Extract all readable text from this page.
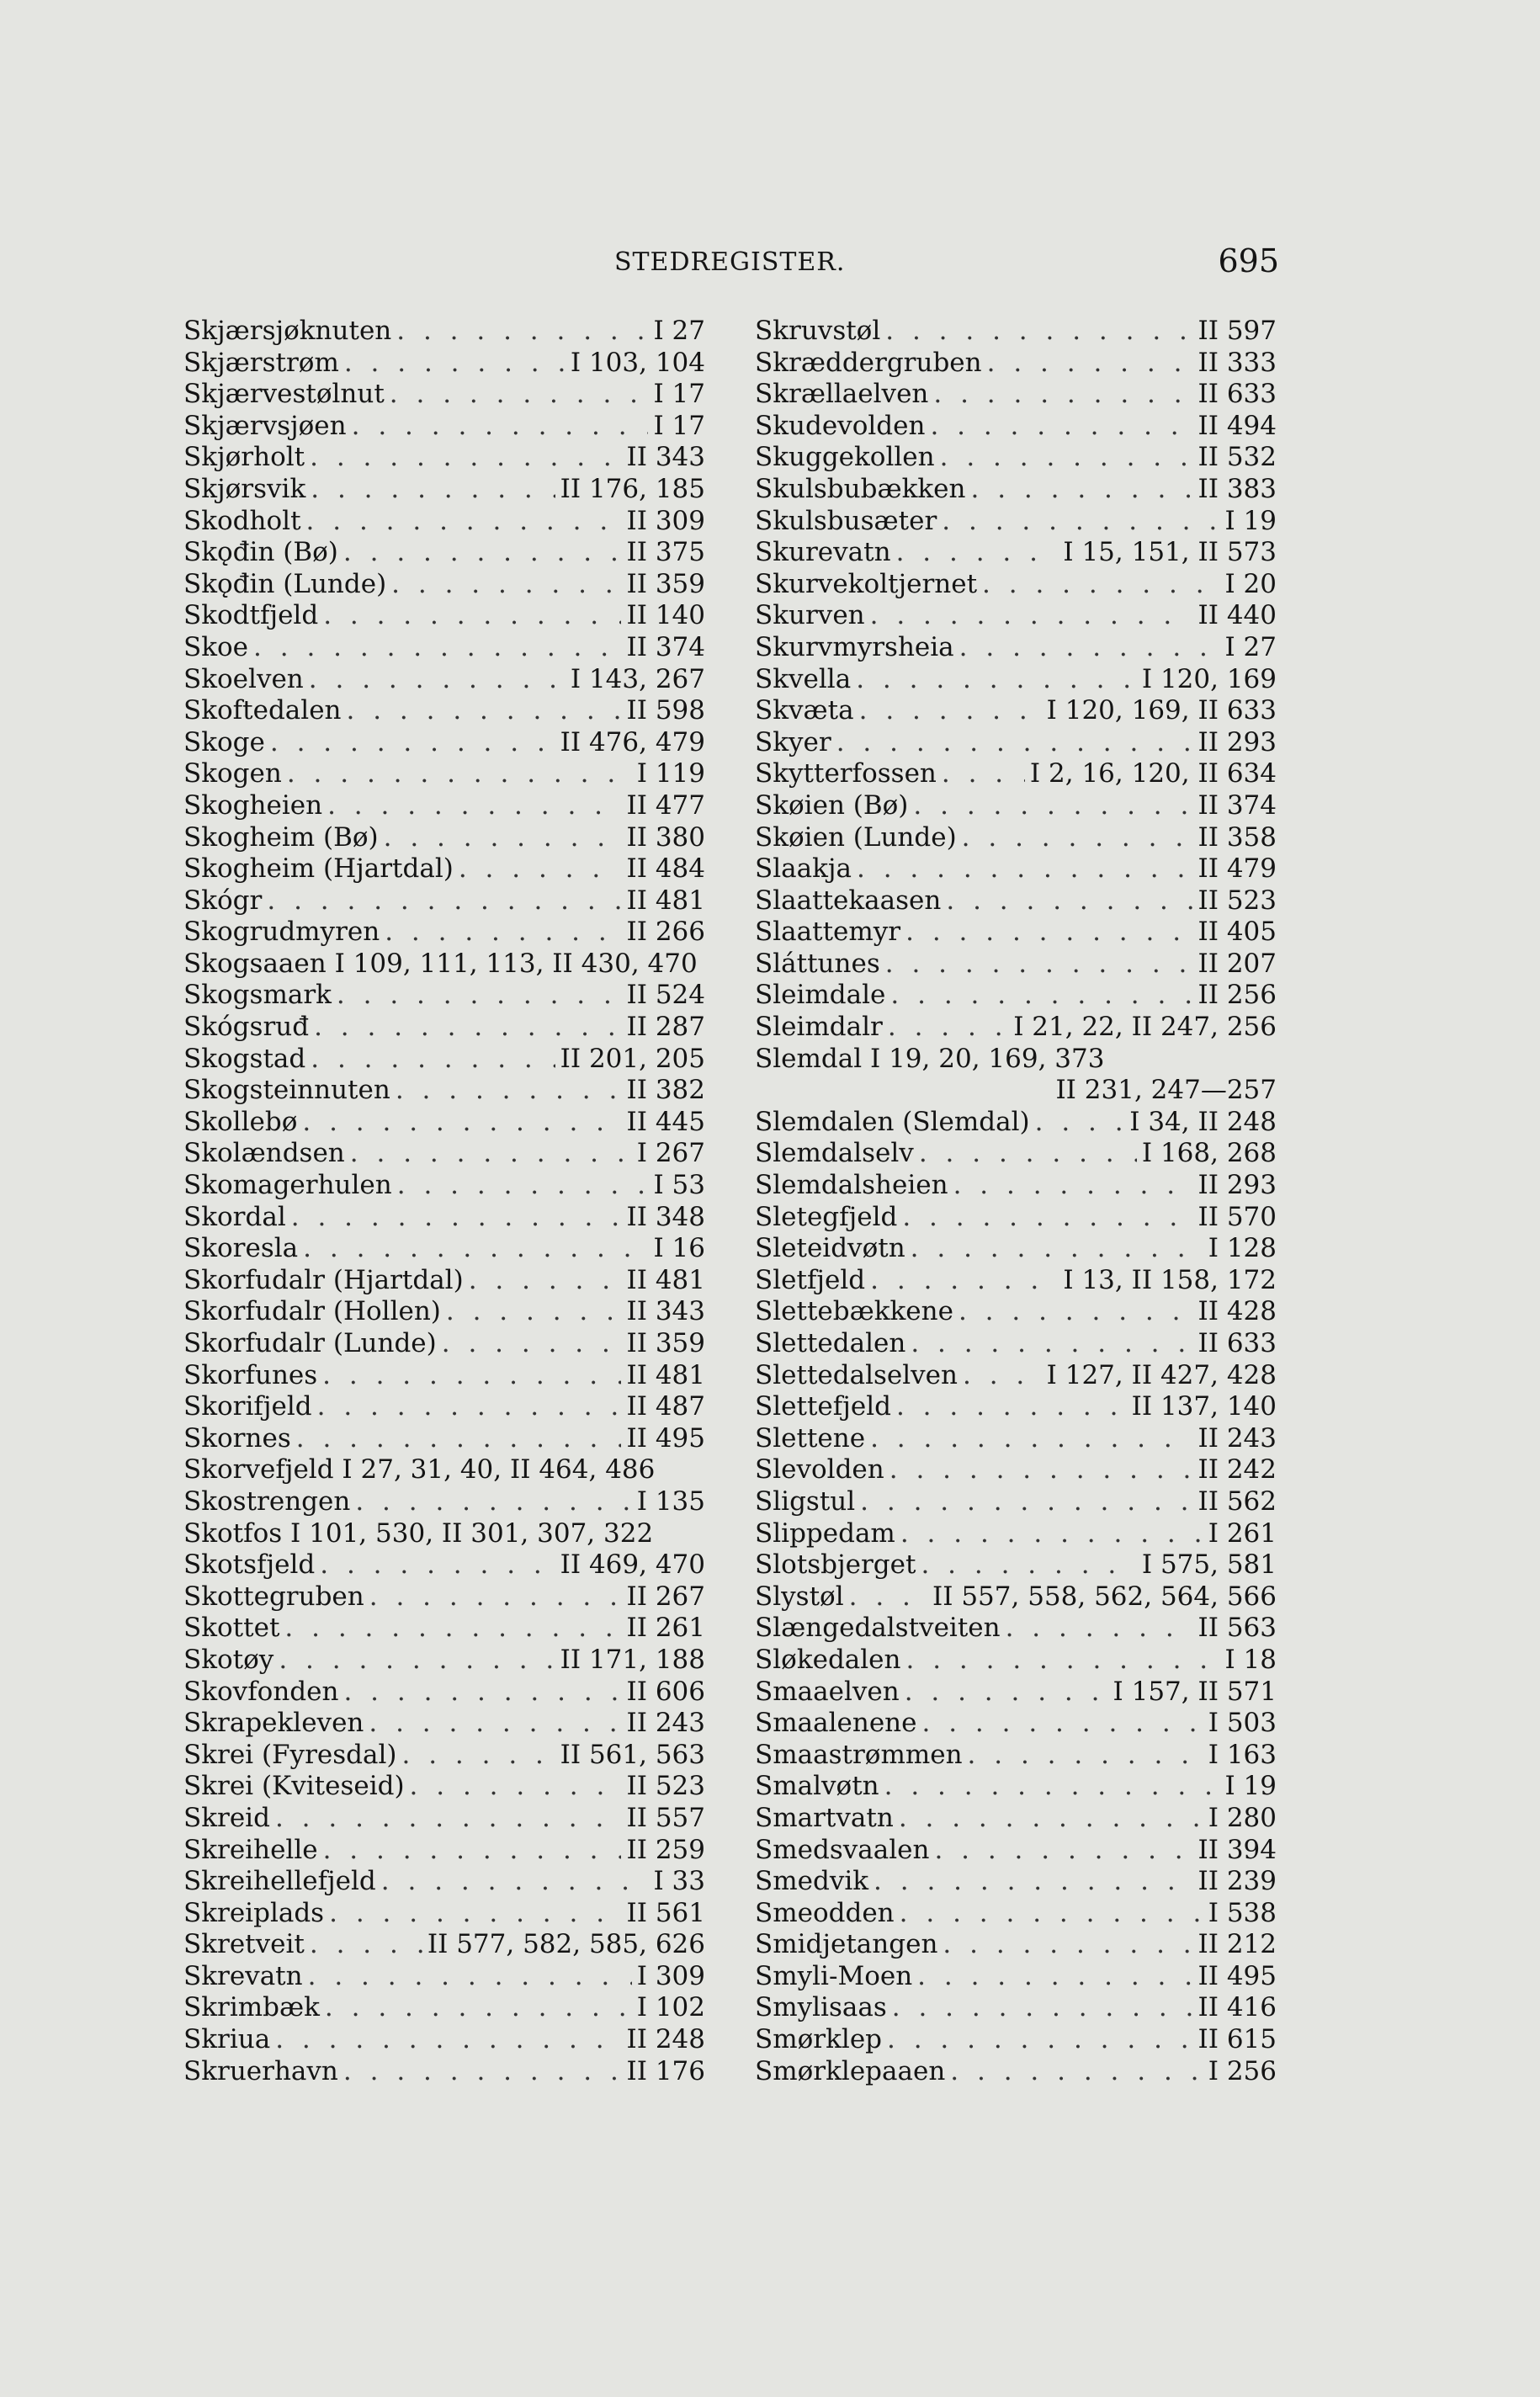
STEDREGISTER.	695
Skjærsjøknuten . . .	I 27
Skjærstrøm . . .	I 103, 104
Skjærvestølnut . . .	I 17
Skjærvsjøen . . .	I 17
Skjørholt . . .	II 343
Skjørsvik . . .	II 176, 185
Skodholt . . .	II 309
Skǫđin (Bø) . . .	II 375
Skǫđin (Lunde) . . .	II 359
Skodtfjeld . . .	II 140
Skoe . . .	II 374
Skoelven . . .	I 143, 267
Skoftedalen . . .	II 598
Skoge . . .	II 476, 479
Skogen . . .	I 119
Skogheien . . .	II 477
Skogheim (Bø) . . .	II 380
Skogheim (Hjartdal) . . .	II 484
Skógr . . .	II 481
Skogrudmyren . . .	II 266
Skogsaaen I 109, 111, 113, II 430, 470
Skogsmark . . .	II 524
Skógsruđ . . .	II 287
Skogstad . . .	II 201, 205
Skogsteinnuten . . .	II 382
Skollebø . . .	II 445
Skolændsen . . .	I 267
Skomagerhulen . . .	I 53
Skordal . . .	II 348
Skoresla . . .	I 16
Skorfudalr (Hjartdal) . . .	II 481
Skorfudalr (Hollen) . . .	II 343
Skorfudalr (Lunde) . . .	II 359
Skorfunes . . .	II 481
Skorifjeld . . .	II 487
Skornes . . .	II 495
Skorvefjeld I 27, 31, 40, II 464, 486
Skostrengen . . .	I 135
Skotfos I 101, 530, II 301, 307, 322
Skotsfjeld . . .	II 469, 470
Skottegruben . . .	II 267
Skottet . . .	II 261
Skotøy . . .	II 171, 188
Skovfonden . . .	II 606
Skrapekleven . . .	II 243
Skrei (Fyresdal) . . .	II 561, 563
Skrei (Kviteseid) . . .	II 523
Skreid . . .	II 557
Skreihelle . . .	II 259
Skreihellefjeld . . .	I 33
Skreiplads . . .	II 561
Skretveit . . .	II 577, 582, 585, 626
Skrevatn . . .	I 309
Skrimbæk . . .	I 102
Skriua . . .	II 248
Skruerhavn . . .	II 176
Skruvstøl . . .	II 597
Skræddergruben . . .	II 333
Skrællaelven . . .	II 633
Skudevolden . . .	II 494
Skuggekollen . . .	II 532
Skulsbubækken . . .	II 383
Skulsbusæter . . .	I 19
Skurevatn . . .	I 15, 151, II 573
Skurvekoltjernet . . .	I 20
Skurven . . .	II 440
Skurvmyrsheia . . .	I 27
Skvella . . .	I 120, 169
Skvæta . . .	I 120, 169, II 633
Skyer . . .	II 293
Skytterfossen . . .	I 2, 16, 120, II 634
Skøien (Bø) . . .	II 374
Skøien (Lunde) . . .	II 358
Slaakja . . .	II 479
Slaattekaasen . . .	II 523
Slaattemyr . . .	II 405
Sláttunes . . .	II 207
Sleimdale . . .	II 256
Sleimdalr . . .	I 21, 22, II 247, 256
Slemdal I 19, 20, 169, 373
II 231, 247—257
Slemdalen (Slemdal) . . .	I 34, II 248
Slemdalselv . . .	I 168, 268
Slemdalsheien . . .	II 293
Sletegfjeld . . .	II 570
Sleteidvøtn . . .	I 128
Sletfjeld . . .	I 13, II 158, 172
Slettebækkene . . .	II 428
Slettedalen . . .	II 633
Slettedalselven . . .	I 127, II 427, 428
Slettefjeld . . .	II 137, 140
Slettene . . .	II 243
Slevolden . . .	II 242
Sligstul . . .	II 562
Slippedam . . .	I 261
Slotsbjerget . . .	I 575, 581
Slystøl . . .	II 557, 558, 562, 564, 566
Slængedalstveiten . . .	II 563
Sløkedalen . . .	I 18
Smaaelven . . .	I 157, II 571
Smaalenene . . .	I 503
Smaastrømmen . . .	I 163
Smalvøtn . . .	I 19
Smartvatn . . .	I 280
Smedsvaalen . . .	II 394
Smedvik . . .	II 239
Smeodden . . .	I 538
Smidjetangen . . .	II 212
Smyli-Moen . . .	II 495
Smylisaas . . .	II 416
Smørklep . . .	II 615
Smørklepaaen . . .	I 256
